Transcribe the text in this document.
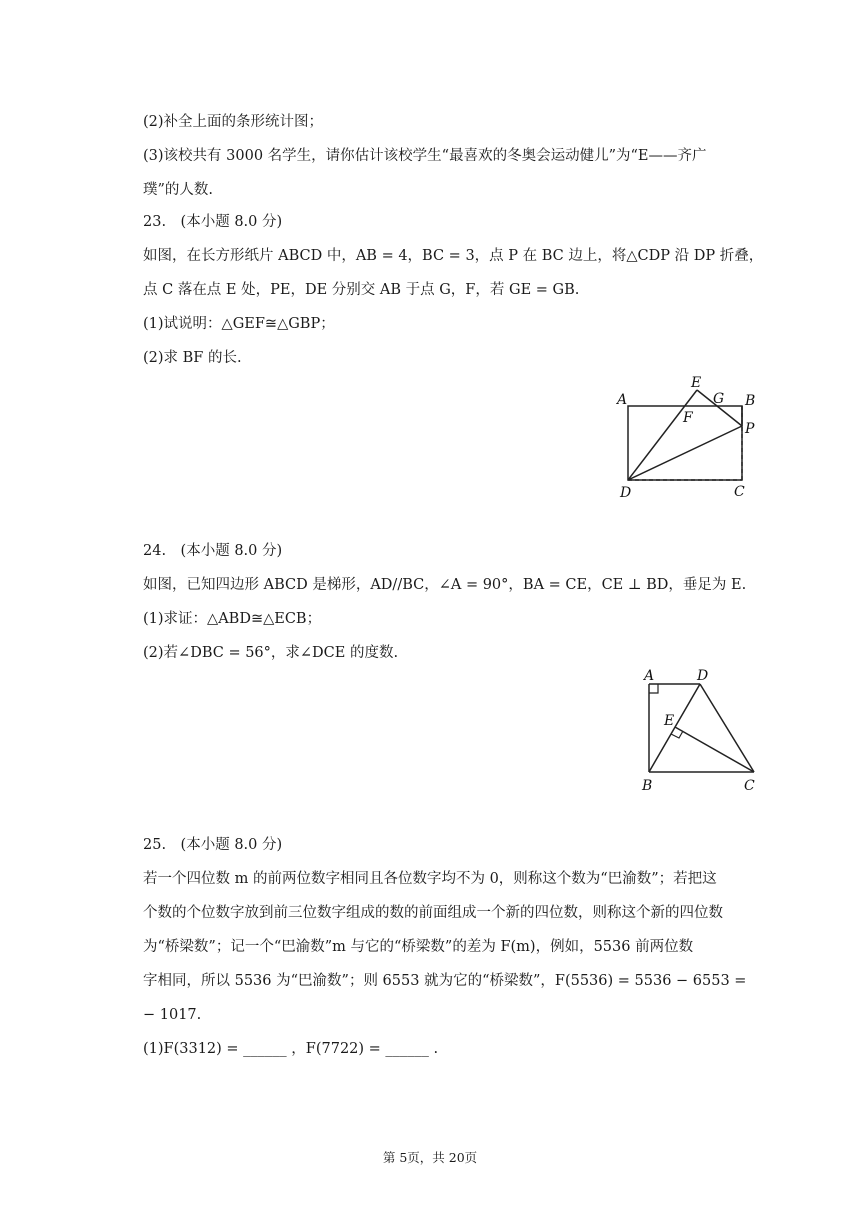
(2)补全上面的条形统计图；
(3)该校共有 3000 名学生，请你估计该校学生“最喜欢的冬奥会运动健儿”为“E——齐广
璞”的人数.
23.　(本小题 8.0 分)
如图，在长方形纸片 ABCD 中，AB = 4，BC = 3，点 P 在 BC 边上，将△CDP 沿 DP 折叠，
点 C 落在点 E 处，PE，DE 分别交 AB 于点 G，F，若 GE = GB.
(1)试说明：△GEF≅△GBP；
(2)求 BF 的长.
A	B
C
D
E
F
G
P
24.　(本小题 8.0 分)
如图，已知四边形 ABCD 是梯形，AD//BC，∠A = 90°，BA = CE，CE ⊥ BD，垂足为 E.
(1)求证：△ABD≅△ECB；
(2)若∠DBC = 56°，求∠DCE 的度数.
A	D
E
B	C
25.　(本小题 8.0 分)
若一个四位数 m 的前两位数字相同且各位数字均不为 0，则称这个数为“巴渝数”；若把这
个数的个位数字放到前三位数字组成的数的前面组成一个新的四位数，则称这个新的四位数
为“桥梁数”；记一个“巴渝数”m 与它的“桥梁数”的差为 F(m)，例如，5536 前两位数
字相同，所以 5536 为“巴渝数”；则 6553 就为它的“桥梁数”，F(5536) = 5536 − 6553 =
− 1017.
(1)F(3312) = ______ ，F(7722) = ______ .
第 5页，共 20页
